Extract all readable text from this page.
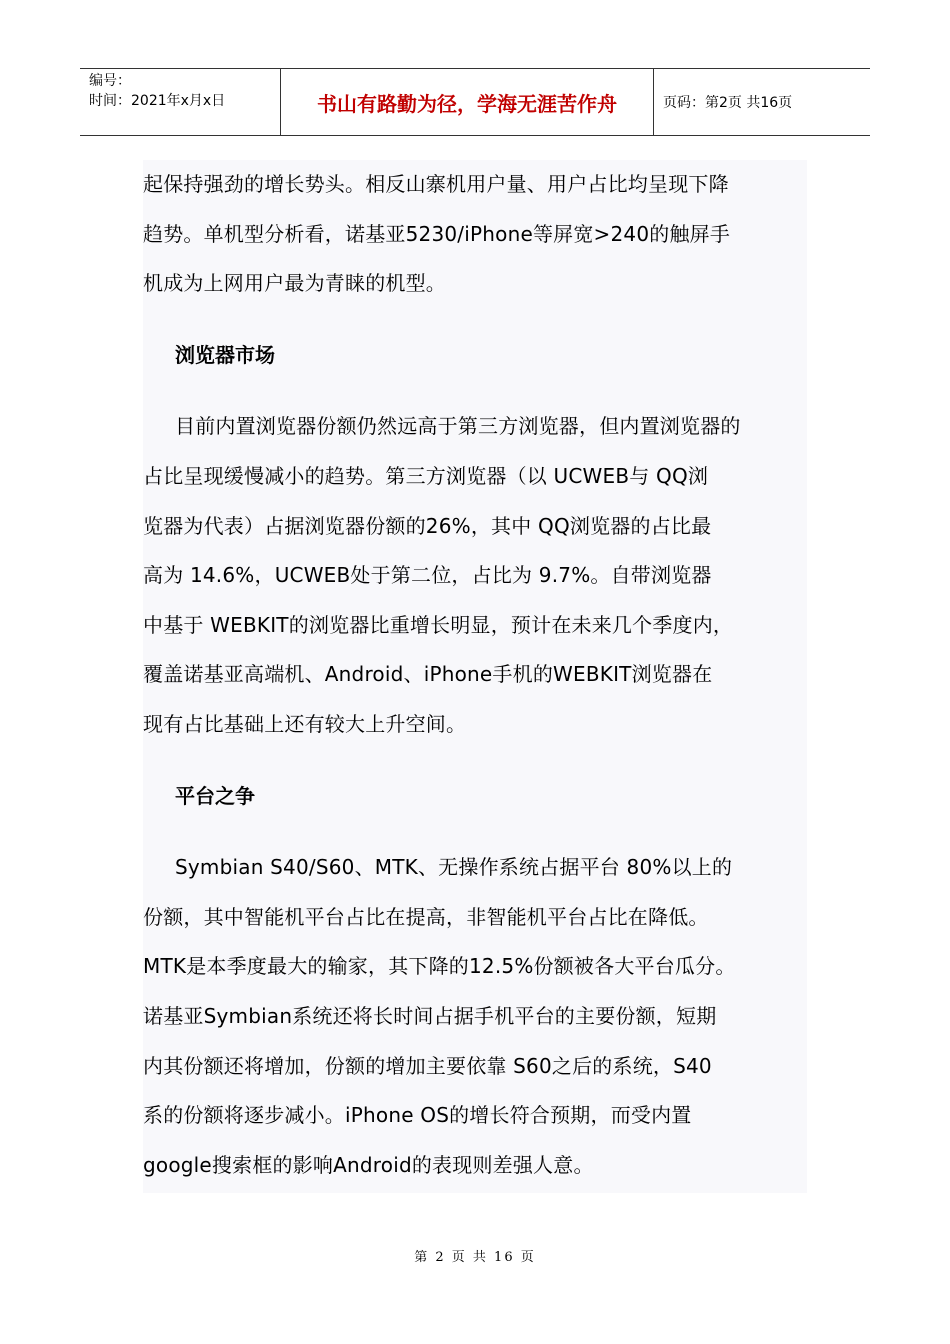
编号：
时间：2021年x月x日	书山有路勤为径，学海无涯苦作舟	页码：第2页 共16页

起保持强劲的增长势头。相反山寨机用户量、用户占比均呈现下降
趋势。单机型分析看，诺基亚5230/iPhone等屏宽>240的触屏手
机成为上网用户最为青睐的机型。

浏览器市场

目前内置浏览器份额仍然远高于第三方浏览器，但内置浏览器的
占比呈现缓慢减小的趋势。第三方浏览器（以 UCWEB与 QQ浏
览器为代表）占据浏览器份额的26%，其中 QQ浏览器的占比最
高为 14.6%，UCWEB处于第二位，占比为 9.7%。自带浏览器
中基于 WEBKIT的浏览器比重增长明显，预计在未来几个季度内，
覆盖诺基亚高端机、Android、iPhone手机的WEBKIT浏览器在
现有占比基础上还有较大上升空间。

平台之争

Symbian S40/S60、MTK、无操作系统占据平台 80%以上的
份额，其中智能机平台占比在提高，非智能机平台占比在降低。
MTK是本季度最大的输家，其下降的12.5%份额被各大平台瓜分。
诺基亚Symbian系统还将长时间占据手机平台的主要份额，短期
内其份额还将增加，份额的增加主要依靠 S60之后的系统，S40
系的份额将逐步减小。iPhone OS的增长符合预期，而受内置
google搜索框的影响Android的表现则差强人意。

第 2 页 共 16 页
